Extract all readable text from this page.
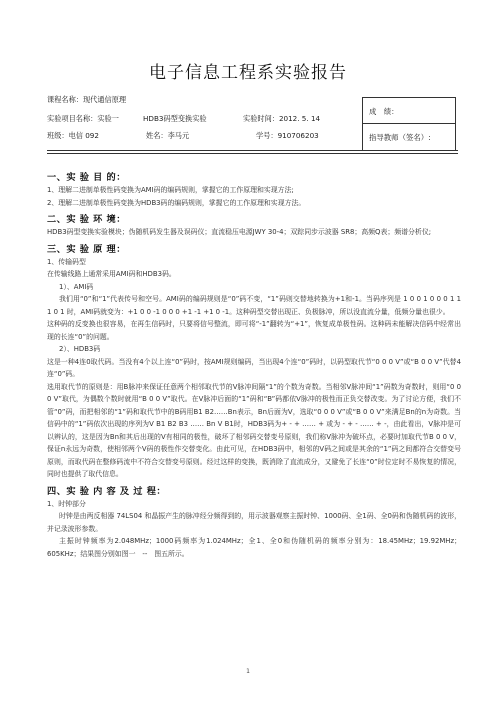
电子信息工程系实验报告
课程名称：现代通信原理
实验项目名称：实验一	HDB3码型变换实验	实验时间：2012. 5. 14
班级：电信 092	姓名：李马元	学号：910706203
成　绩：
指导教师（签名）:
一、实 验 目 的：

1、理解二进制单极性码变换为AMI码的编码规则，掌握它的工作原理和实现方法;

2、理解二进制单极性码变换为HDB3码的编码规则，掌握它的工作原理和实现方法。

二、实 验 环 境：

HDB3码型变换实验模块；伪随机码发生器及误码仪；直流稳压电源JWY 30-4；双踪同步示波器 SR8；高频Q表；频谱分析仪;

三、实 验 原 理：

1、传输码型

在传输线路上通常采用AMI码和HDB3码。

1）、AMI码

我们用“0”和“1”代表传号和空号。AMI码的编码规则是“0”码不变，“1”码则交替地转换为+1和-1。当码序列是 1 0 0 1 0 0 0 1 1 1 0 1 时，AMI码就变为：+1 0 0 -1 0 0 0 +1 -1 +1 0 -1。这种码型交替出现正、负极脉冲，所以没直流分量，低频分量也很少。

这种码的反变换也很容易，在再生信码时，只要将信号整流，即可将“-1”翻转为“+1”，恢复成单极性码。这种码未能解决信码中经常出现的长连“0”的问题。

2）、HDB3码

这是一种4连0取代码。当没有4个以上连“0”码时，按AMI规则编码，当出现4个连“0”码时，以码型取代节“0 0 0 V”或“B 0 0 V”代替4连“0”码。

选用取代节的原则是：用B脉冲来保证任意两个相邻取代节的V脉冲间隔“1”的个数为奇数。当相邻V脉冲间“1”码数为奇数时，则用“0 0 0 V”取代，为偶数个数时就用“B 0 0 V”取代。在V脉冲后面的“1”码和“B”码都依V脉冲的极性而正负交替改变。为了讨论方便，我们不管“0”码，而把相邻的“1”码和取代节中的B码用B1 B2……Bn表示，Bn后面为V，选取“0 0 0 V”或“B 0 0 V”来满足Bn的n为奇数。当信码中的“1”码依次出现的序列为V B1 B2 B3 …… Bn V B1时，HDB3码为+ - + …… + 或为 - + - …… + -，由此看出，V脉冲是可以辨认的，这是因为Bn和其后出现的V有相同的极性，破坏了相邻码交替变号原则，我们称V脉冲为破坏点，必要时加取代节B 0 0 V，保证n永远为奇数，使相邻两个V码的极性作交替变化。由此可见，在HDB3码中，相邻的V码之间或是其余的“1”码之间都符合交替变号原则，而取代码在整修码流中不符合交替变号原则。经过这样的变换，既消除了直流成分，又避免了长连“0”时位定时不易恢复的情况，同时也提供了取代信息。

四、实 验 内 容 及 过 程：

1、时钟部分

时钟是由两反相器 74LS04 和晶振产生的脉冲经分频得到的，用示波器观察主振时钟、1000码、全1码、全0码和伪随机码的波形，并记录波形参数。

主振时钟频率为2.048MHz；1000码频率为1.024MHz；全1、全0和伪随机码的频率分别为：18.45MHz；19.92MHz；605KHz；结果图分别如图一　--　图五所示。

1
